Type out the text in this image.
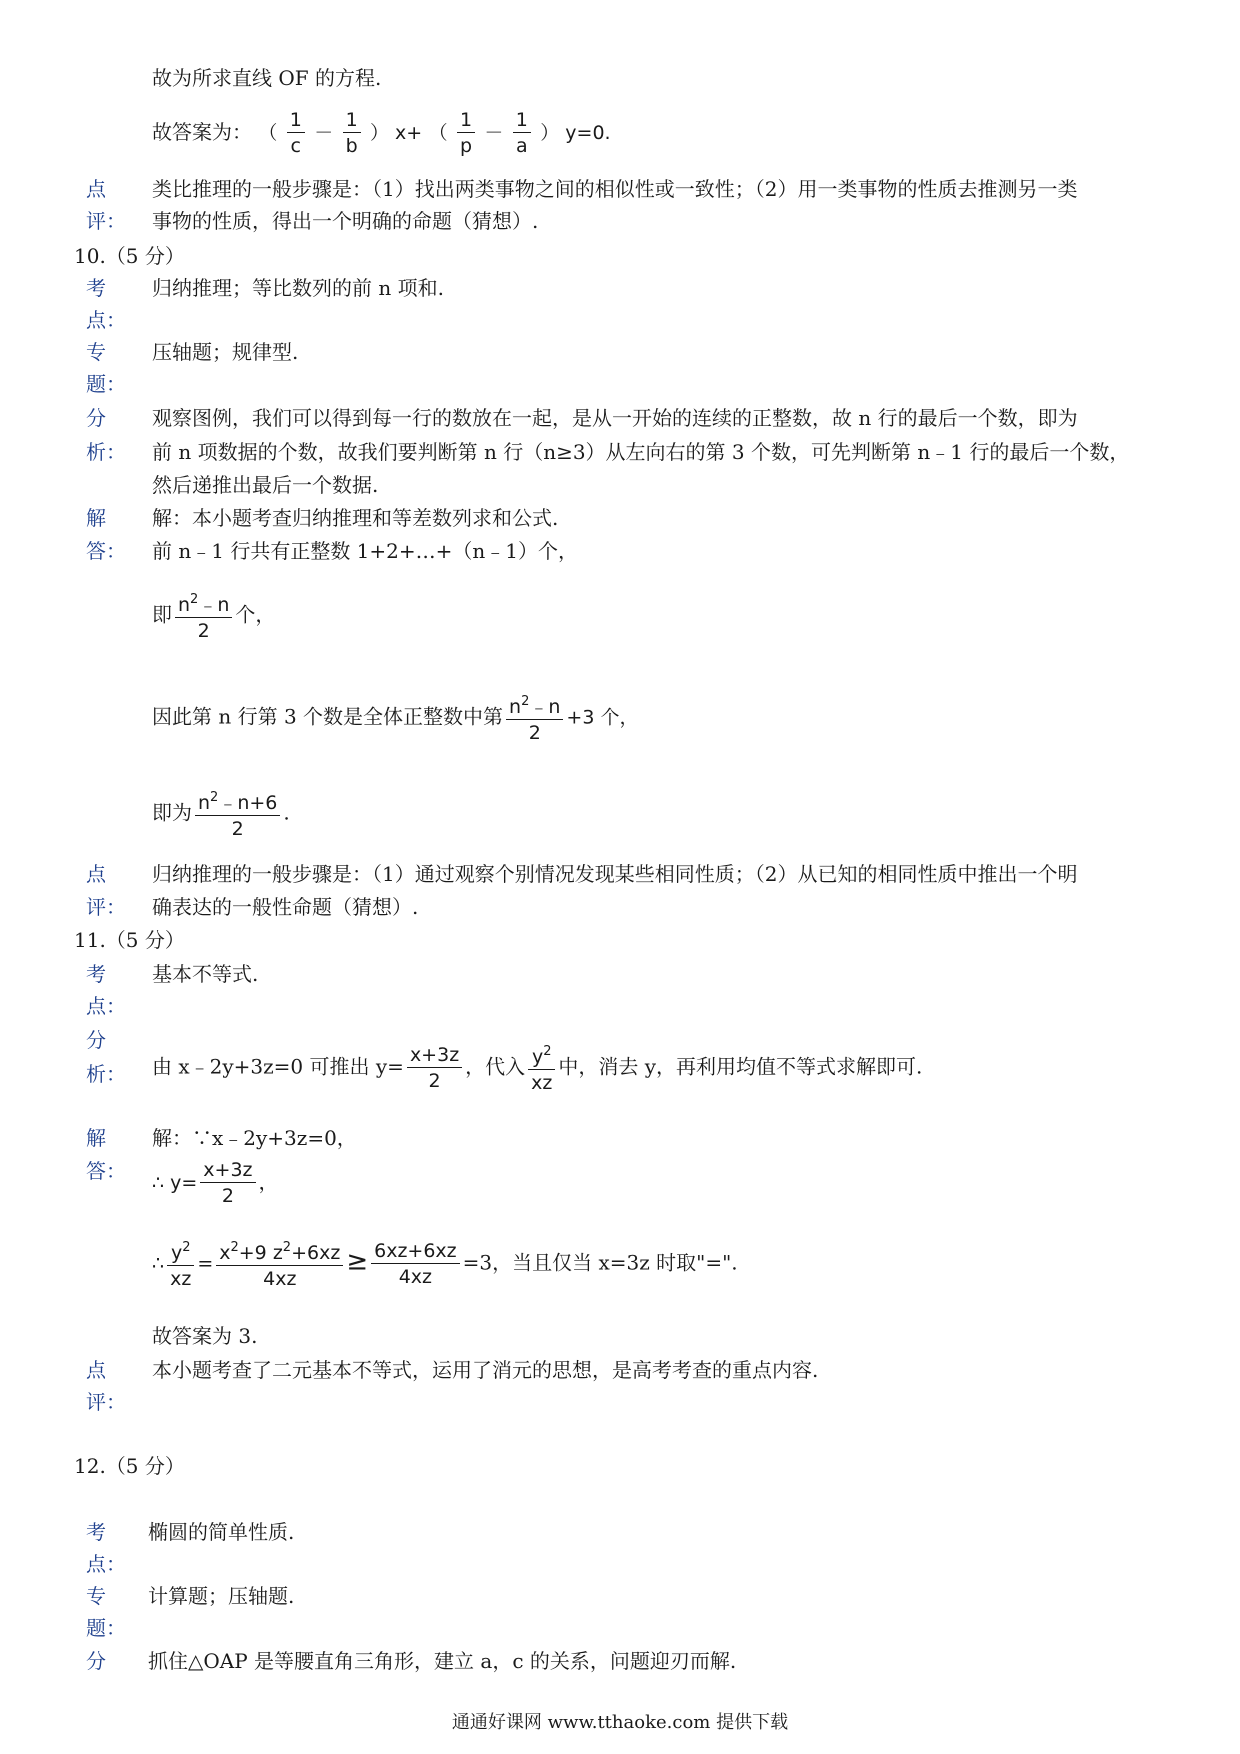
故为所求直线 OF 的方程.
故答案为： （ $\frac{1}{c} - \frac{1}{b}$ ） x+ （ $\frac{1}{p} - \frac{1}{a}$ ） y=0.
点
评：
类比推理的一般步骤是：（1）找出两类事物之间的相似性或一致性；（2）用一类事物的性质去推测另一类
事物的性质，得出一个明确的命题（猜想）.
10.（5 分）
考
点：
归纳推理；等比数列的前 n 项和.
专
题：
压轴题；规律型.
分
析：
观察图例，我们可以得到每一行的数放在一起，是从一开始的连续的正整数，故 n 行的最后一个数，即为
前 n 项数据的个数，故我们要判断第 n 行（n≥3）从左向右的第 3 个数，可先判断第 n﹣1 行的最后一个数，
然后递推出最后一个数据.
解
答：
解：本小题考查归纳推理和等差数列求和公式.
前 n﹣1 行共有正整数 1+2+…+（n﹣1）个，
即 $\frac{n^2﹣n}{2}$ 个，
因此第 n 行第 3 个数是全体正整数中第 $\frac{n^2﹣n}{2} +3$ 个，
即为 $\frac{n^2﹣n+6}{2}$ .
点
评：
归纳推理的一般步骤是：（1）通过观察个别情况发现某些相同性质；（2）从已知的相同性质中推出一个明
确表达的一般性命题（猜想）.
11.（5 分）
考
点：
基本不等式.
分
析： 由 x﹣2y+3z=0 可推出 $y= \frac{x+3z}{2}$ ，代入 $\frac{y^2}{xz}$ 中，消去 y，再利用均值不等式求解即可.
解
答：
解：∵x﹣2y+3z=0，
∴ $y= \frac{x+3z}{2}$ ，
∴ $\frac{y^2}{xz} = \frac{x^2+9 z^2+6xz}{4xz} \ge \frac{6xz+6xz}{4xz} =3$，当且仅当 x=3z 时取"=".
故答案为 3.
点
评：
本小题考查了二元基本不等式，运用了消元的思想，是高考考查的重点内容.
12.（5 分）
考
点：
椭圆的简单性质.
专
题：
计算题；压轴题.
分 抓住△OAP 是等腰直角三角形，建立 a，c 的关系，问题迎刃而解.
通通好课网 www.tthaoke.com 提供下载
